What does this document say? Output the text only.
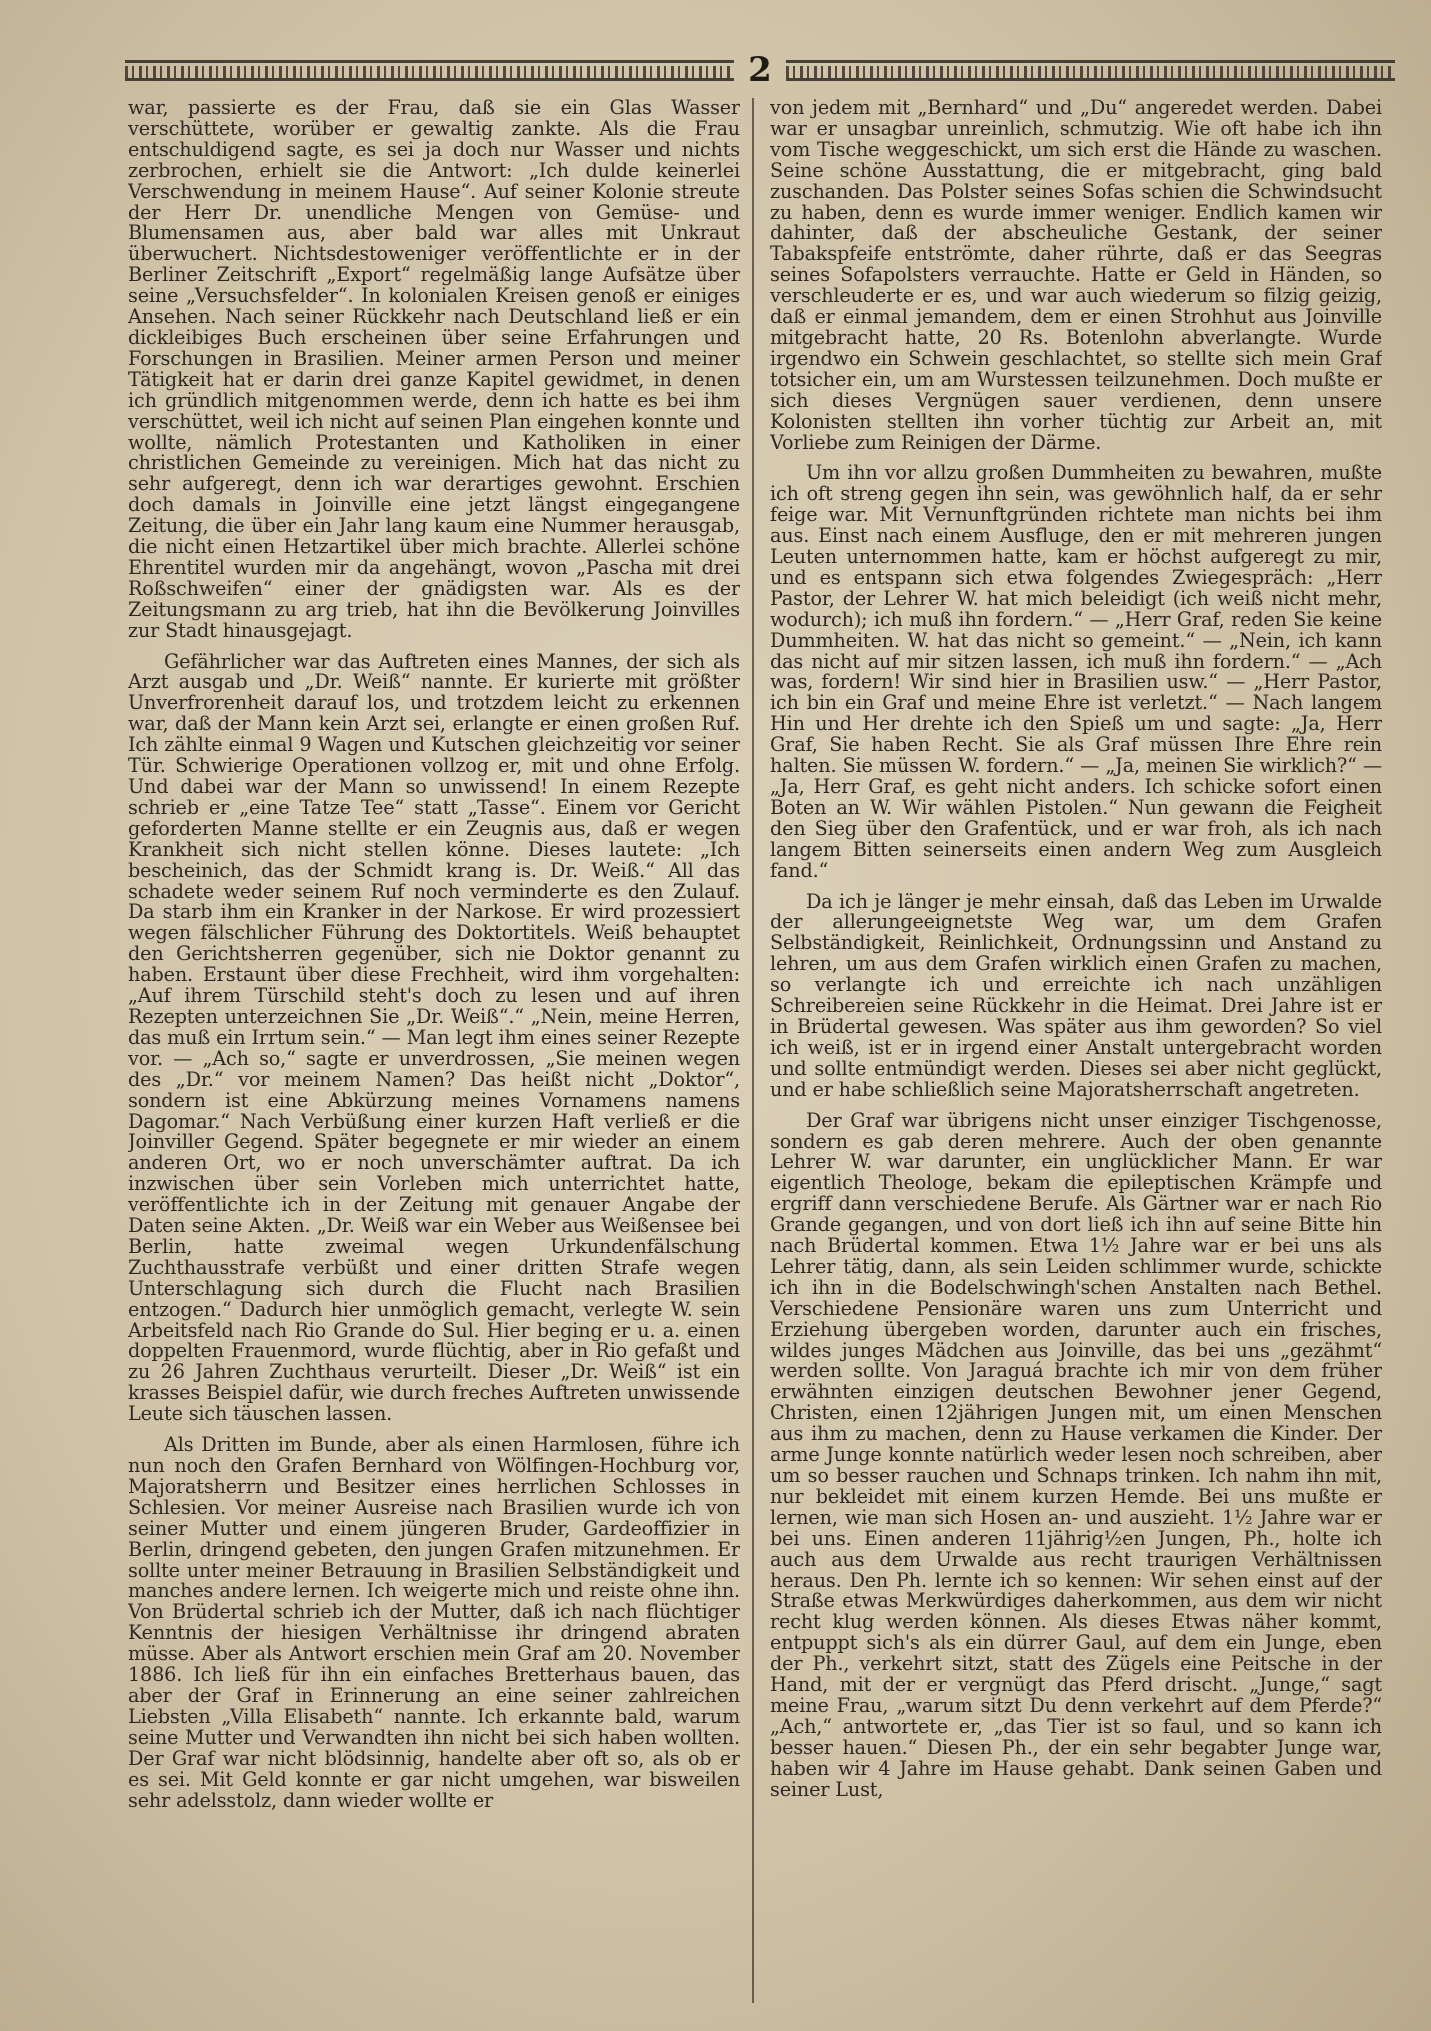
2

war, passierte es der Frau, daß sie ein Glas Wasser verschüttete, worüber er gewaltig zankte. Als die Frau entschuldigend sagte, es sei ja doch nur Wasser und nichts zerbrochen, erhielt sie die Antwort: „Ich dulde keinerlei Verschwendung in meinem Hause“. Auf seiner Kolonie streute der Herr Dr. unendliche Mengen von Gemüse- und Blumensamen aus, aber bald war alles mit Unkraut überwuchert. Nichtsdestoweniger veröffentlichte er in der Berliner Zeitschrift „Export“ regelmäßig lange Aufsätze über seine „Versuchsfelder“. In kolonialen Kreisen genoß er einiges Ansehen. Nach seiner Rückkehr nach Deutschland ließ er ein dickleibiges Buch erscheinen über seine Erfahrungen und Forschungen in Brasilien. Meiner armen Person und meiner Tätigkeit hat er darin drei ganze Kapitel gewidmet, in denen ich gründlich mitgenommen werde, denn ich hatte es bei ihm verschüttet, weil ich nicht auf seinen Plan eingehen konnte und wollte, nämlich Protestanten und Katholiken in einer christlichen Gemeinde zu vereinigen. Mich hat das nicht zu sehr aufgeregt, denn ich war derartiges gewohnt. Erschien doch damals in Joinville eine jetzt längst eingegangene Zeitung, die über ein Jahr lang kaum eine Nummer herausgab, die nicht einen Hetzartikel über mich brachte. Allerlei schöne Ehrentitel wurden mir da angehängt, wovon „Pascha mit drei Roßschweifen“ einer der gnädigsten war. Als es der Zeitungsmann zu arg trieb, hat ihn die Bevölkerung Joinvilles zur Stadt hinausgejagt.

Gefährlicher war das Auftreten eines Mannes, der sich als Arzt ausgab und „Dr. Weiß“ nannte. Er kurierte mit größter Unverfrorenheit darauf los, und trotzdem leicht zu erkennen war, daß der Mann kein Arzt sei, erlangte er einen großen Ruf. Ich zählte einmal 9 Wagen und Kutschen gleichzeitig vor seiner Tür. Schwierige Operationen vollzog er, mit und ohne Erfolg. Und dabei war der Mann so unwissend! In einem Rezepte schrieb er „eine Tatze Tee“ statt „Tasse“. Einem vor Gericht geforderten Manne stellte er ein Zeugnis aus, daß er wegen Krankheit sich nicht stellen könne. Dieses lautete: „Ich bescheinich, das der Schmidt krang is. Dr. Weiß.“ All das schadete weder seinem Ruf noch verminderte es den Zulauf. Da starb ihm ein Kranker in der Narkose. Er wird prozessiert wegen fälschlicher Führung des Doktortitels. Weiß behauptet den Gerichtsherren gegenüber, sich nie Doktor genannt zu haben. Erstaunt über diese Frechheit, wird ihm vorgehalten: „Auf ihrem Türschild steht's doch zu lesen und auf ihren Rezepten unterzeichnen Sie „Dr. Weiß“.“ „Nein, meine Herren, das muß ein Irrtum sein.“ — Man legt ihm eines seiner Rezepte vor. — „Ach so,“ sagte er unverdrossen, „Sie meinen wegen des „Dr.“ vor meinem Namen? Das heißt nicht „Doktor“, sondern ist eine Abkürzung meines Vornamens namens Dagomar.“ Nach Verbüßung einer kurzen Haft verließ er die Joinviller Gegend. Später begegnete er mir wieder an einem anderen Ort, wo er noch unverschämter auftrat. Da ich inzwischen über sein Vorleben mich unterrichtet hatte, veröffentlichte ich in der Zeitung mit genauer Angabe der Daten seine Akten. „Dr. Weiß war ein Weber aus Weißensee bei Berlin, hatte zweimal wegen Urkundenfälschung Zuchthausstrafe verbüßt und einer dritten Strafe wegen Unterschlagung sich durch die Flucht nach Brasilien entzogen.“ Dadurch hier unmöglich gemacht, verlegte W. sein Arbeitsfeld nach Rio Grande do Sul. Hier beging er u. a. einen doppelten Frauenmord, wurde flüchtig, aber in Rio gefaßt und zu 26 Jahren Zuchthaus verurteilt. Dieser „Dr. Weiß“ ist ein krasses Beispiel dafür, wie durch freches Auftreten unwissende Leute sich täuschen lassen.

Als Dritten im Bunde, aber als einen Harmlosen, führe ich nun noch den Grafen Bernhard von Wölfingen-Hochburg vor, Majoratsherrn und Besitzer eines herrlichen Schlosses in Schlesien. Vor meiner Ausreise nach Brasilien wurde ich von seiner Mutter und einem jüngeren Bruder, Gardeoffizier in Berlin, dringend gebeten, den jungen Grafen mitzunehmen. Er sollte unter meiner Betrauung in Brasilien Selbständigkeit und manches andere lernen. Ich weigerte mich und reiste ohne ihn. Von Brüdertal schrieb ich der Mutter, daß ich nach flüchtiger Kenntnis der hiesigen Verhältnisse ihr dringend abraten müsse. Aber als Antwort erschien mein Graf am 20. November 1886. Ich ließ für ihn ein einfaches Bretterhaus bauen, das aber der Graf in Erinnerung an eine seiner zahlreichen Liebsten „Villa Elisabeth“ nannte. Ich erkannte bald, warum seine Mutter und Verwandten ihn nicht bei sich haben wollten. Der Graf war nicht blödsinnig, handelte aber oft so, als ob er es sei. Mit Geld konnte er gar nicht umgehen, war bisweilen sehr adelsstolz, dann wieder wollte er

von jedem mit „Bernhard“ und „Du“ angeredet werden. Dabei war er unsagbar unreinlich, schmutzig. Wie oft habe ich ihn vom Tische weggeschickt, um sich erst die Hände zu waschen. Seine schöne Ausstattung, die er mitgebracht, ging bald zuschanden. Das Polster seines Sofas schien die Schwindsucht zu haben, denn es wurde immer weniger. Endlich kamen wir dahinter, daß der abscheuliche Gestank, der seiner Tabakspfeife entströmte, daher rührte, daß er das Seegras seines Sofapolsters verrauchte. Hatte er Geld in Händen, so verschleuderte er es, und war auch wiederum so filzig geizig, daß er einmal jemandem, dem er einen Strohhut aus Joinville mitgebracht hatte, 20 Rs. Botenlohn abverlangte. Wurde irgendwo ein Schwein geschlachtet, so stellte sich mein Graf totsicher ein, um am Wurstessen teilzunehmen. Doch mußte er sich dieses Vergnügen sauer verdienen, denn unsere Kolonisten stellten ihn vorher tüchtig zur Arbeit an, mit Vorliebe zum Reinigen der Därme.

Um ihn vor allzu großen Dummheiten zu bewahren, mußte ich oft streng gegen ihn sein, was gewöhnlich half, da er sehr feige war. Mit Vernunftgründen richtete man nichts bei ihm aus. Einst nach einem Ausfluge, den er mit mehreren jungen Leuten unternommen hatte, kam er höchst aufgeregt zu mir, und es entspann sich etwa folgendes Zwiegespräch: „Herr Pastor, der Lehrer W. hat mich beleidigt (ich weiß nicht mehr, wodurch); ich muß ihn fordern.“ — „Herr Graf, reden Sie keine Dummheiten. W. hat das nicht so gemeint.“ — „Nein, ich kann das nicht auf mir sitzen lassen, ich muß ihn fordern.“ — „Ach was, fordern! Wir sind hier in Brasilien usw.“ — „Herr Pastor, ich bin ein Graf und meine Ehre ist verletzt.“ — Nach langem Hin und Her drehte ich den Spieß um und sagte: „Ja, Herr Graf, Sie haben Recht. Sie als Graf müssen Ihre Ehre rein halten. Sie müssen W. fordern.“ — „Ja, meinen Sie wirklich?“ — „Ja, Herr Graf, es geht nicht anders. Ich schicke sofort einen Boten an W. Wir wählen Pistolen.“ Nun gewann die Feigheit den Sieg über den Grafentück, und er war froh, als ich nach langem Bitten seinerseits einen andern Weg zum Ausgleich fand.“

Da ich je länger je mehr einsah, daß das Leben im Urwalde der allerungeeignetste Weg war, um dem Grafen Selbständigkeit, Reinlichkeit, Ordnungssinn und Anstand zu lehren, um aus dem Grafen wirklich einen Grafen zu machen, so verlangte ich und erreichte ich nach unzähligen Schreibereien seine Rückkehr in die Heimat. Drei Jahre ist er in Brüdertal gewesen. Was später aus ihm geworden? So viel ich weiß, ist er in irgend einer Anstalt untergebracht worden und sollte entmündigt werden. Dieses sei aber nicht geglückt, und er habe schließlich seine Majoratsherrschaft angetreten.

Der Graf war übrigens nicht unser einziger Tischgenosse, sondern es gab deren mehrere. Auch der oben genannte Lehrer W. war darunter, ein unglücklicher Mann. Er war eigentlich Theologe, bekam die epileptischen Krämpfe und ergriff dann verschiedene Berufe. Als Gärtner war er nach Rio Grande gegangen, und von dort ließ ich ihn auf seine Bitte hin nach Brüdertal kommen. Etwa 1½ Jahre war er bei uns als Lehrer tätig, dann, als sein Leiden schlimmer wurde, schickte ich ihn in die Bodelschwingh'schen Anstalten nach Bethel. Verschiedene Pensionäre waren uns zum Unterricht und Erziehung übergeben worden, darunter auch ein frisches, wildes junges Mädchen aus Joinville, das bei uns „gezähmt“ werden sollte. Von Jaraguá brachte ich mir von dem früher erwähnten einzigen deutschen Bewohner jener Gegend, Christen, einen 12jährigen Jungen mit, um einen Menschen aus ihm zu machen, denn zu Hause verkamen die Kinder. Der arme Junge konnte natürlich weder lesen noch schreiben, aber um so besser rauchen und Schnaps trinken. Ich nahm ihn mit, nur bekleidet mit einem kurzen Hemde. Bei uns mußte er lernen, wie man sich Hosen an- und auszieht. 1½ Jahre war er bei uns. Einen anderen 11jährig½en Jungen, Ph., holte ich auch aus dem Urwalde aus recht traurigen Verhältnissen heraus. Den Ph. lernte ich so kennen: Wir sehen einst auf der Straße etwas Merkwürdiges daherkommen, aus dem wir nicht recht klug werden können. Als dieses Etwas näher kommt, entpuppt sich's als ein dürrer Gaul, auf dem ein Junge, eben der Ph., verkehrt sitzt, statt des Zügels eine Peitsche in der Hand, mit der er vergnügt das Pferd drischt. „Junge,“ sagt meine Frau, „warum sitzt Du denn verkehrt auf dem Pferde?“ „Ach,“ antwortete er, „das Tier ist so faul, und so kann ich besser hauen.“ Diesen Ph., der ein sehr begabter Junge war, haben wir 4 Jahre im Hause gehabt. Dank seinen Gaben und seiner Lust,
